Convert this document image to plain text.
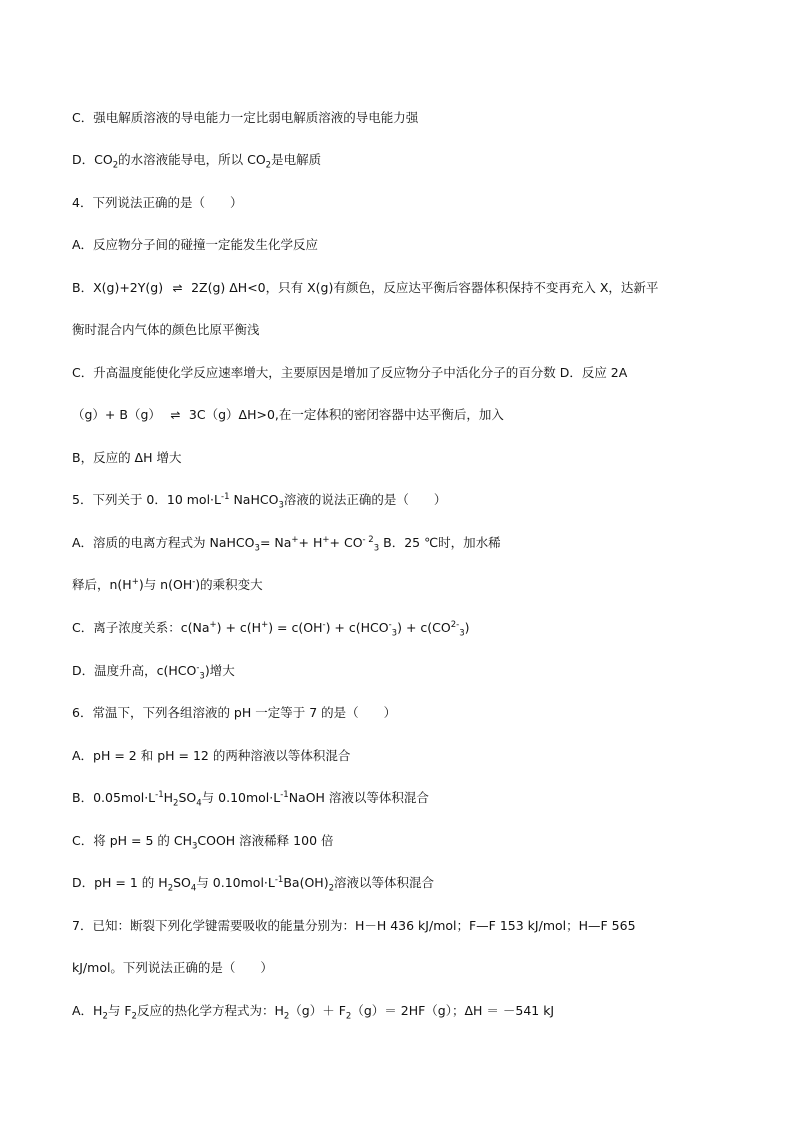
C．强电解质溶液的导电能力一定比弱电解质溶液的导电能力强
D．$CO_2$的水溶液能导电，所以 $CO_2$是电解质
4．下列说法正确的是（　　）
A．反应物分子间的碰撞一定能发生化学反应
B．X(g)+2Y(g) ⇌ 2Z(g) ΔH<0，只有 X(g)有颜色，反应达平衡后容器体积保持不变再充入 X，达新平
衡时混合内气体的颜色比原平衡浅
C．升高温度能使化学反应速率增大，主要原因是增加了反应物分子中活化分子的百分数 D．反应 2A
（g）+ B（g） ⇌ 3C（g）ΔH>0,在一定体积的密闭容器中达平衡后，加入
B，反应的 ΔH 增大
5．下列关于 0．10 $mol\cdot L^{-1}$ NaHCO$_3$溶液的说法正确的是（　　）
A．溶质的电离方程式为 NaHCO$_3$= $Na^++ H^++ CO^{- 2}_3$ B．25 ℃时，加水稀
释后，n(H+)与 n(OH-)的乘积变大
C．离子浓度关系：$c(Na^+) + c(H^+) = c(OH^-) + c(HCO^-_3) + c(CO^{2-}_3)$
D．温度升高，$c(HCO^-_3)$增大
6．常温下，下列各组溶液的 pH 一定等于 7 的是（　　）
A．pH = 2 和 pH = 12 的两种溶液以等体积混合
B．$0.05mol\cdot L^{-1}H_2SO_4$与 $0.10mol\cdot L^{-1}NaOH$ 溶液以等体积混合
C．将 pH = 5 的 $CH_3COOH$ 溶液稀释 100 倍
D．pH = 1 的 $H_2SO_4$与 $0.10mol\cdot L^{-1}Ba(OH)_2$溶液以等体积混合
7．已知：断裂下列化学键需要吸收的能量分别为：H－H 436 kJ/mol；F—F 153 kJ/mol；H—F 565
kJ/mol。下列说法正确的是（　　）
A．$H_2$与 $F_2$反应的热化学方程式为：$H_2(g)+ F_2(g)= 2HF(g)$；ΔH ＝ －541 kJ
